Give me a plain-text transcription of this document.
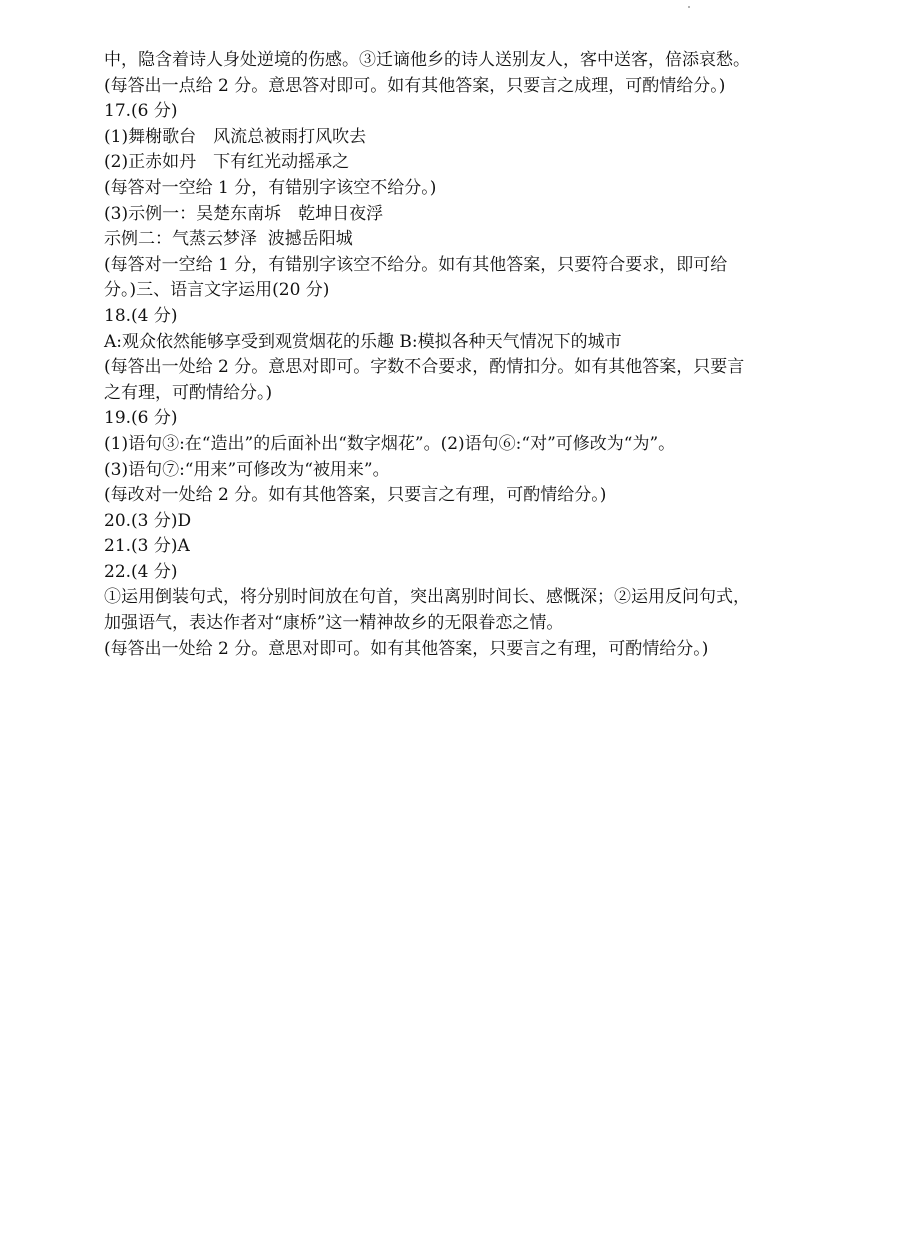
中，隐含着诗人身处逆境的伤感。③迁谪他乡的诗人送别友人，客中送客，倍添哀愁。
(每答出一点给 2 分。意思答对即可。如有其他答案，只要言之成理，可酌情给分。)
17.(6 分)
(1)舞榭歌台　风流总被雨打风吹去
(2)正赤如丹　下有红光动摇承之
(每答对一空给 1 分，有错别字该空不给分。)
(3)示例一：吴楚东南坼　乾坤日夜浮
示例二：气蒸云梦泽  波撼岳阳城
(每答对一空给 1 分，有错别字该空不给分。如有其他答案，只要符合要求，即可给
分。)三、语言文字运用(20 分)
18.(4 分)
A:观众依然能够享受到观赏烟花的乐趣 B:模拟各种天气情况下的城市
(每答出一处给 2 分。意思对即可。字数不合要求，酌情扣分。如有其他答案，只要言
之有理，可酌情给分。)
19.(6 分)
(1)语句③:在“造出”的后面补出“数字烟花”。(2)语句⑥:“对”可修改为“为”。
(3)语句⑦:“用来”可修改为“被用来”。
(每改对一处给 2 分。如有其他答案，只要言之有理，可酌情给分。)
20.(3 分)D
21.(3 分)A
22.(4 分)
①运用倒装句式，将分别时间放在句首，突出离别时间长、感慨深；②运用反问句式，
加强语气，表达作者对“康桥”这一精神故乡的无限眷恋之情。
(每答出一处给 2 分。意思对即可。如有其他答案，只要言之有理，可酌情给分。)
